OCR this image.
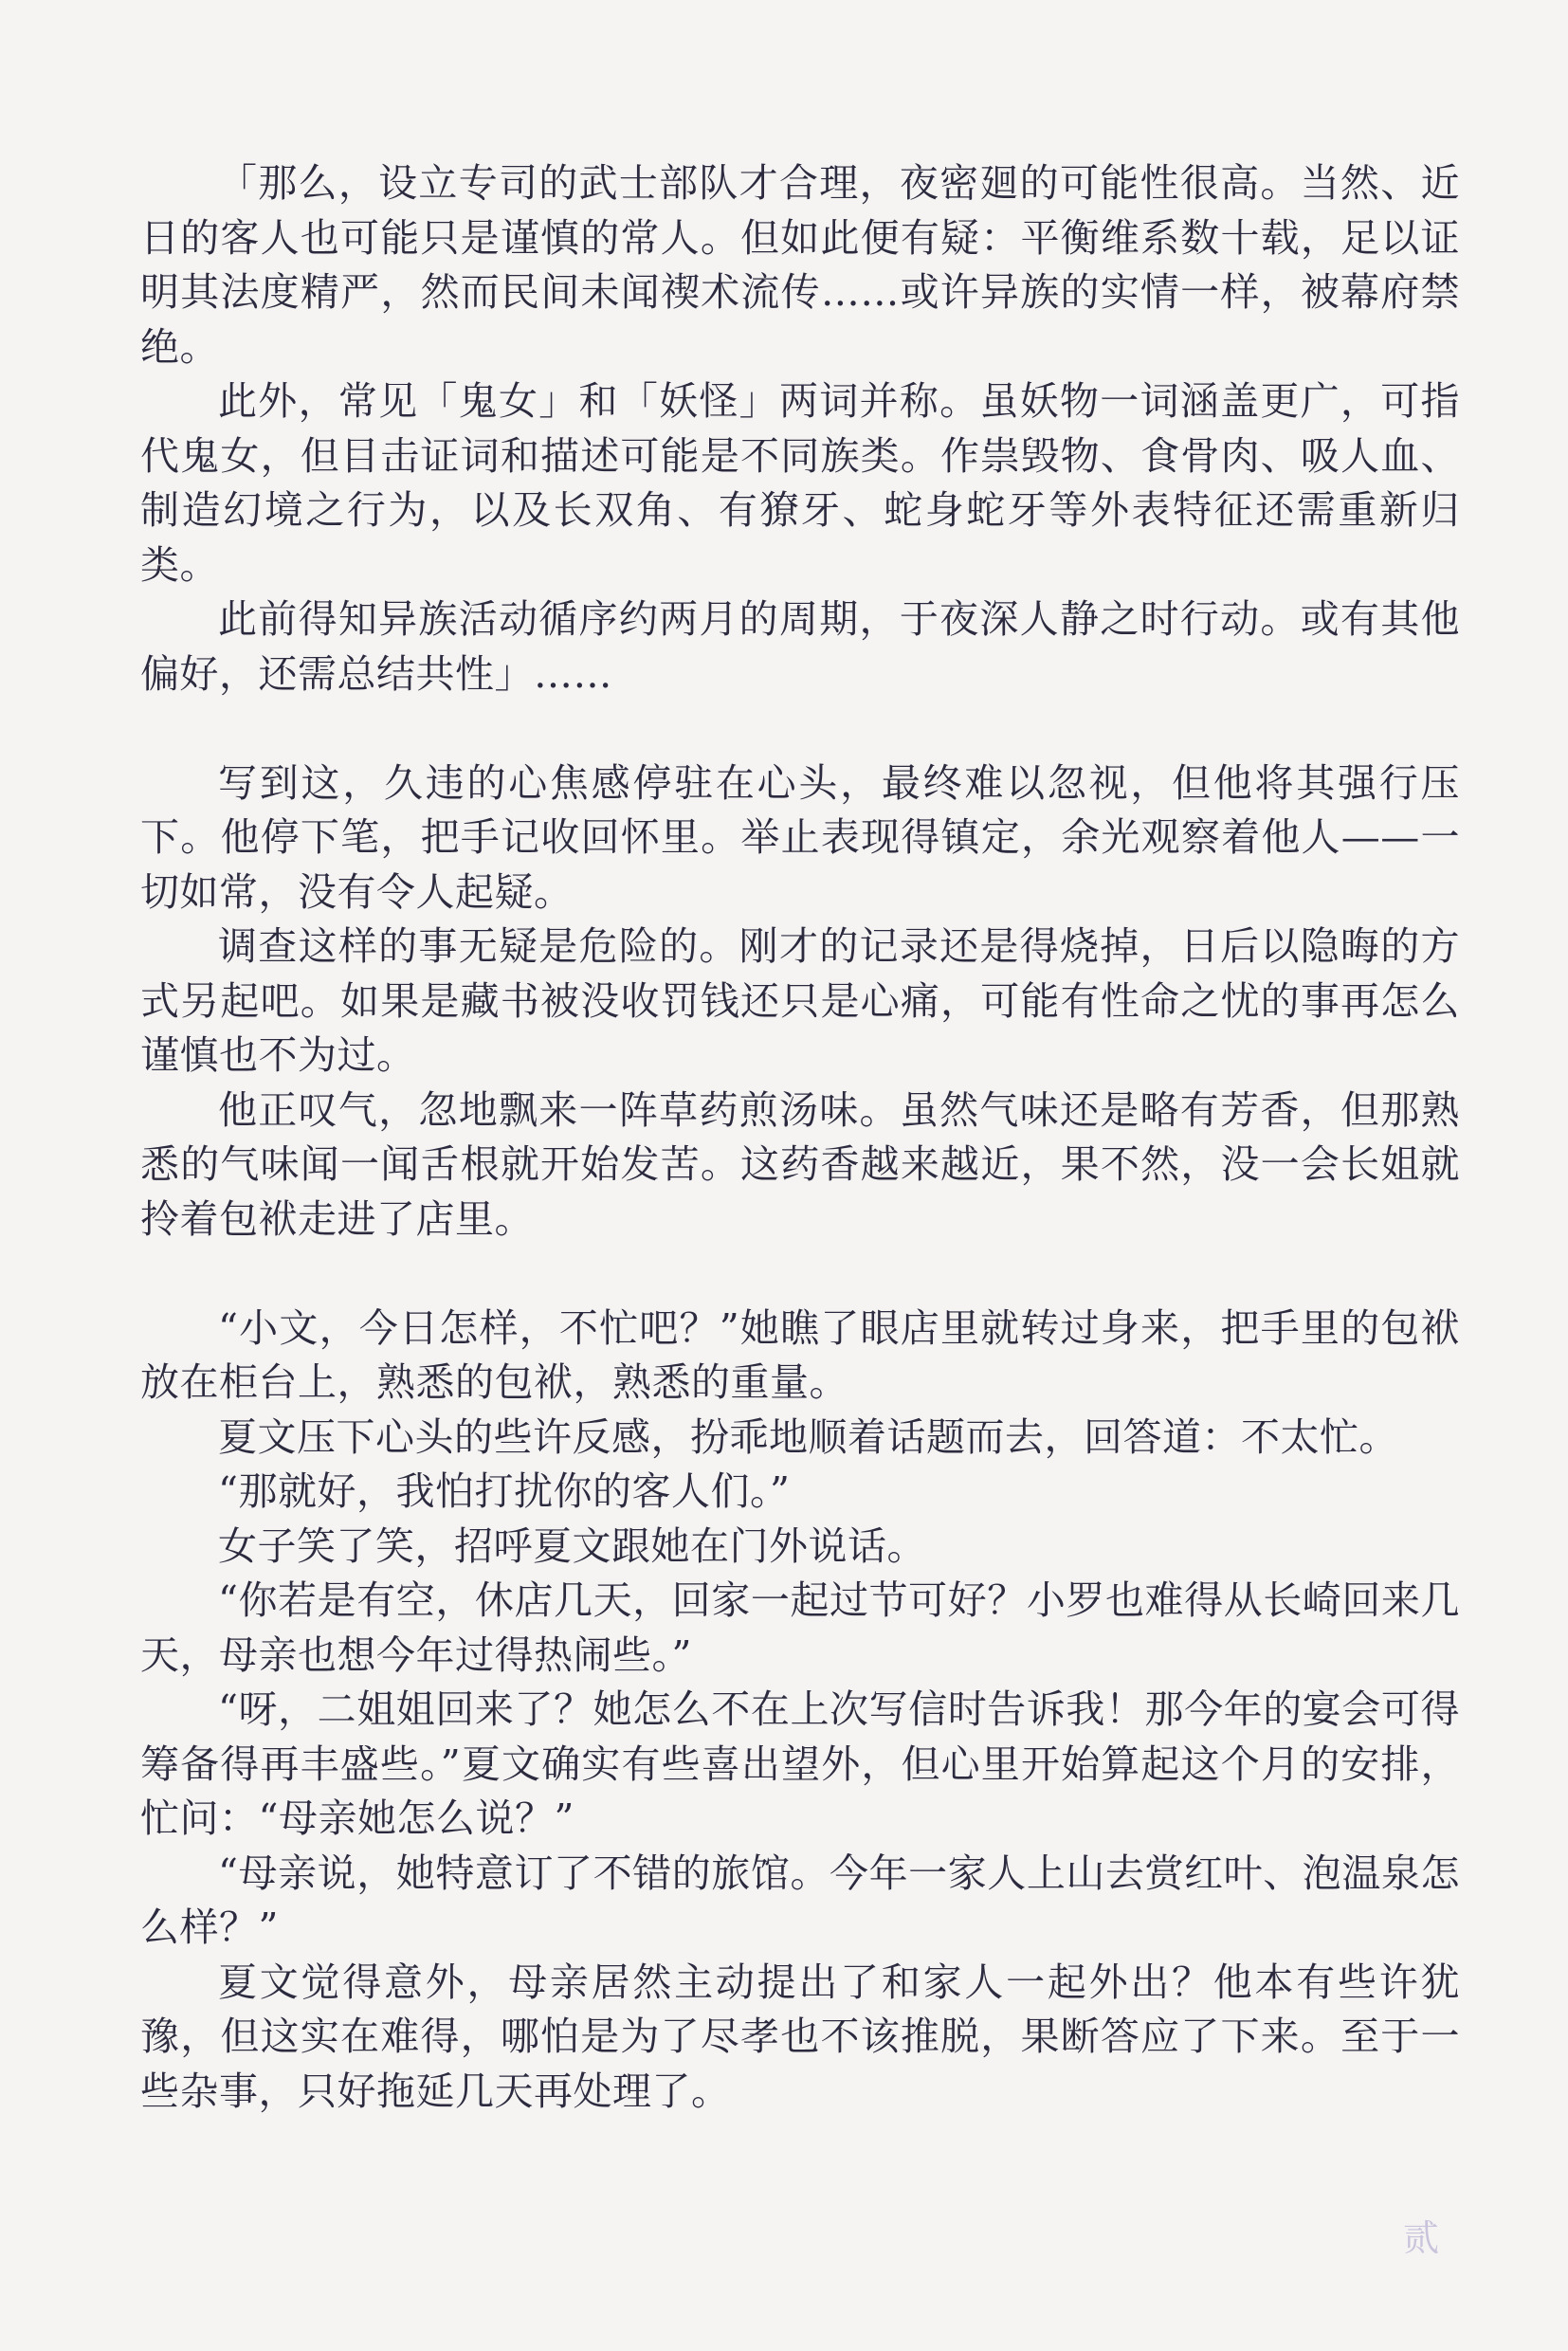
「那么，设立专司的武士部队才合理，夜密廻的可能性很高。当然、近日的客人也可能只是谨慎的常人。但如此便有疑：平衡维系数十载，足以证明其法度精严，然而民间未闻禊术流传……或许异族的实情一样，被幕府禁绝。

此外，常见「鬼女」和「妖怪」两词并称。虽妖物一词涵盖更广，可指代鬼女，但目击证词和描述可能是不同族类。作祟毁物、食骨肉、吸人血、制造幻境之行为，以及长双角、有獠牙、蛇身蛇牙等外表特征还需重新归类。

此前得知异族活动循序约两月的周期，于夜深人静之时行动。或有其他偏好，还需总结共性」……

写到这，久违的心焦感停驻在心头，最终难以忽视，但他将其强行压下。他停下笔，把手记收回怀里。举止表现得镇定，余光观察着他人——一切如常，没有令人起疑。

调查这样的事无疑是危险的。刚才的记录还是得烧掉，日后以隐晦的方式另起吧。如果是藏书被没收罚钱还只是心痛，可能有性命之忧的事再怎么谨慎也不为过。

他正叹气，忽地飘来一阵草药煎汤味。虽然气味还是略有芳香，但那熟悉的气味闻一闻舌根就开始发苦。这药香越来越近，果不然，没一会长姐就拎着包袱走进了店里。

“小文，今日怎样，不忙吧？”她瞧了眼店里就转过身来，把手里的包袱放在柜台上，熟悉的包袱，熟悉的重量。

夏文压下心头的些许反感，扮乖地顺着话题而去，回答道：不太忙。

“那就好，我怕打扰你的客人们。”

女子笑了笑，招呼夏文跟她在门外说话。

“你若是有空，休店几天，回家一起过节可好？小罗也难得从长崎回来几天，母亲也想今年过得热闹些。”

“呀，二姐姐回来了？她怎么不在上次写信时告诉我！那今年的宴会可得筹备得再丰盛些。”夏文确实有些喜出望外，但心里开始算起这个月的安排，忙问：“母亲她怎么说？”

“母亲说，她特意订了不错的旅馆。今年一家人上山去赏红叶、泡温泉怎么样？”

夏文觉得意外，母亲居然主动提出了和家人一起外出？他本有些许犹豫，但这实在难得，哪怕是为了尽孝也不该推脱，果断答应了下来。至于一些杂事，只好拖延几天再处理了。

贰
